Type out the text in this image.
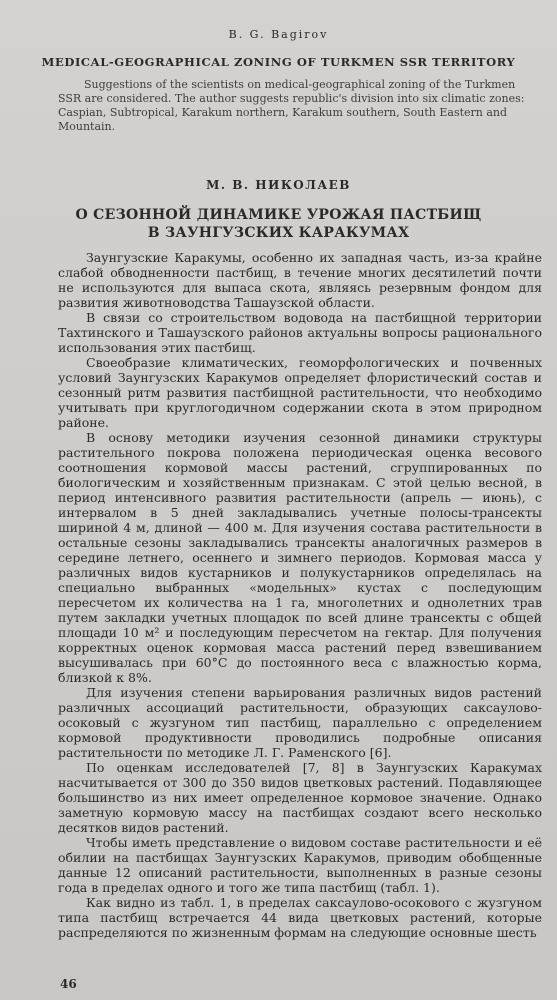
B. G. Bagirov
MEDICAL-GEOGRAPHICAL ZONING OF TURKMEN SSR TERRITORY
Suggestions of the scientists on medical-geographical zoning of the Turkmen SSR are considered. The author suggests republic's division into six climatic zones: Caspian, Subtropical, Karakum northern, Karakum southern, South Eastern and Mountain.
М. В. НИКОЛАЕВ
О СЕЗОННОЙ ДИНАМИКЕ УРОЖАЯ ПАСТБИЩ
В ЗАУНГУЗСКИХ КАРАКУМАХ

Заунгузские Каракумы, особенно их западная часть, из-за крайне слабой обводненности пастбищ, в течение многих десятилетий почти не используются для выпаса скота, являясь резервным фондом для развития животноводства Ташаузской области.

В связи со строительством водовода на пастбищной территории Тахтинского и Ташаузского районов актуальны вопросы рационального использования этих пастбищ.

Своеобразие климатических, геоморфологических и почвенных условий Заунгузских Каракумов определяет флористический состав и сезонный ритм развития пастбищной растительности, что необходимо учитывать при круглогодичном содержании скота в этом природном районе.

В основу методики изучения сезонной динамики структуры растительного покрова положена периодическая оценка весового соотношения кормовой массы растений, сгруппированных по биологическим и хозяйственным признакам. С этой целью весной, в период интенсивного развития растительности (апрель — июнь), с интервалом в 5 дней закладывались учетные полосы-трансекты шириной 4 м, длиной — 400 м. Для изучения состава растительности в остальные сезоны закладывались трансекты аналогичных размеров в середине летнего, осеннего и зимнего периодов. Кормовая масса у различных видов кустарников и полукустарников определялась на специально выбранных «модельных» кустах с последующим пересчетом их количества на 1 га, многолетних и однолетних трав путем закладки учетных площадок по всей длине трансекты с общей площади 10 м² и последующим пересчетом на гектар. Для получения корректных оценок кормовая масса растений перед взвешиванием высушивалась при 60°С до постоянного веса с влажностью корма, близкой к 8%.

Для изучения степени варьирования различных видов растений различных ассоциаций растительности, образующих саксаулово-осоковый с жузгуном тип пастбищ, параллельно с определением кормовой продуктивности проводились подробные описания растительности по методике Л. Г. Раменского [6].

По оценкам исследователей [7, 8] в Заунгузских Каракумах насчитывается от 300 до 350 видов цветковых растений. Подавляющее большинство из них имеет определенное кормовое значение. Однако заметную кормовую массу на пастбищах создают всего несколько десятков видов растений.

Чтобы иметь представление о видовом составе растительности и её обилии на пастбищах Заунгузских Каракумов, приводим обобщенные данные 12 описаний растительности, выполненных в разные сезоны года в пределах одного и того же типа пастбищ (табл. 1).

Как видно из табл. 1, в пределах саксаулово-осокового с жузгуном типа пастбищ встречается 44 вида цветковых растений, которые распределяются по жизненным формам на следующие основные шесть

46
